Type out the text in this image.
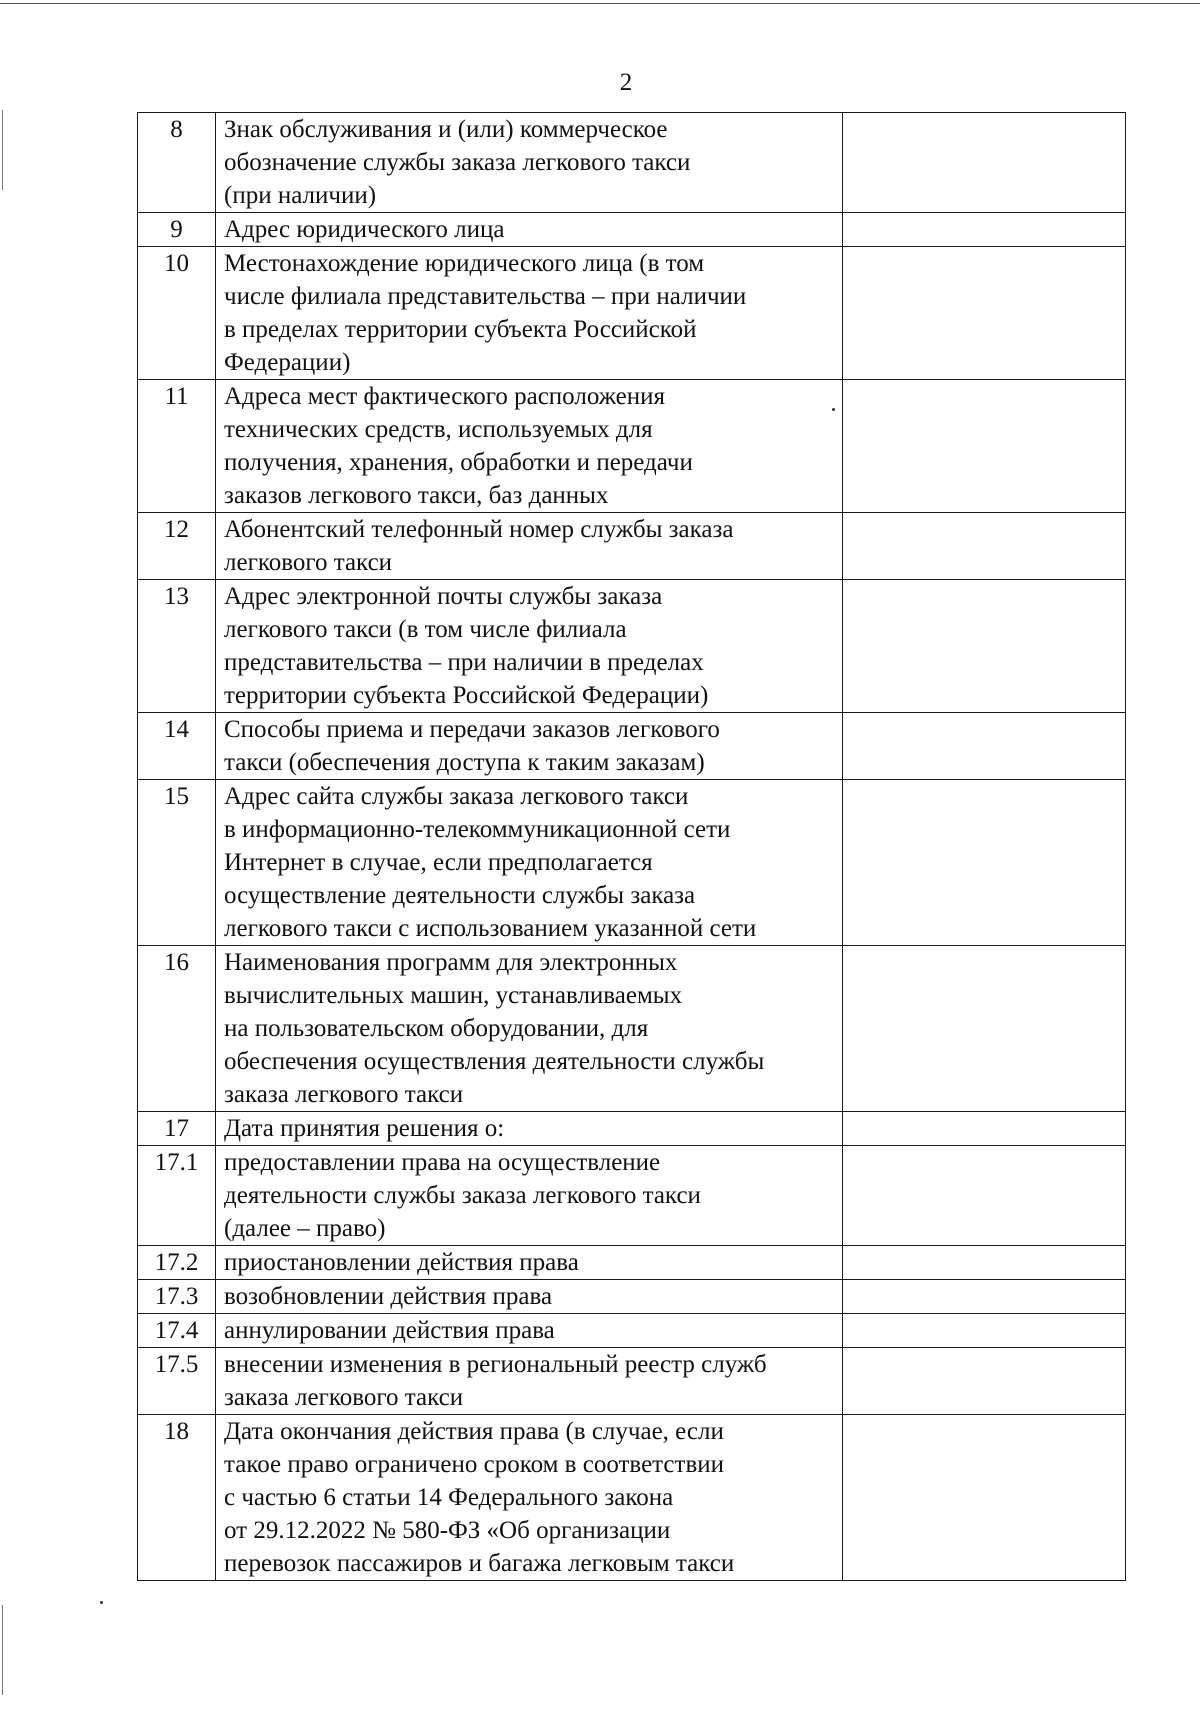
2
8	Знак обслуживания и (или) коммерческое
обозначение службы заказа легкового такси
(при наличии)	
9	Адрес юридического лица	
10	Местонахождение юридического лица (в том
числе филиала представительства – при наличии
в пределах территории субъекта Российской
Федерации)	
11	Адреса мест фактического расположения
технических средств, используемых для
получения, хранения, обработки и передачи
заказов легкового такси, баз данных	
12	Абонентский телефонный номер службы заказа
легкового такси	
13	Адрес электронной почты службы заказа
легкового такси (в том числе филиала
представительства – при наличии в пределах
территории субъекта Российской Федерации)	
14	Способы приема и передачи заказов легкового
такси (обеспечения доступа к таким заказам)	
15	Адрес сайта службы заказа легкового такси
в информационно-телекоммуникационной сети
Интернет в случае, если предполагается
осуществление деятельности службы заказа
легкового такси с использованием указанной сети	
16	Наименования программ для электронных
вычислительных машин, устанавливаемых
на пользовательском оборудовании, для
обеспечения осуществления деятельности службы
заказа легкового такси	
17	Дата принятия решения о:	
17.1	предоставлении права на осуществление
деятельности службы заказа легкового такси
(далее – право)	
17.2	приостановлении действия права	
17.3	возобновлении действия права	
17.4	аннулировании действия права	
17.5	внесении изменения в региональный реестр служб
заказа легкового такси	
18	Дата окончания действия права (в случае, если
такое право ограничено сроком в соответствии
с частью 6 статьи 14 Федерального закона
от 29.12.2022 № 580-ФЗ «Об организации
перевозок пассажиров и багажа легковым такси	
